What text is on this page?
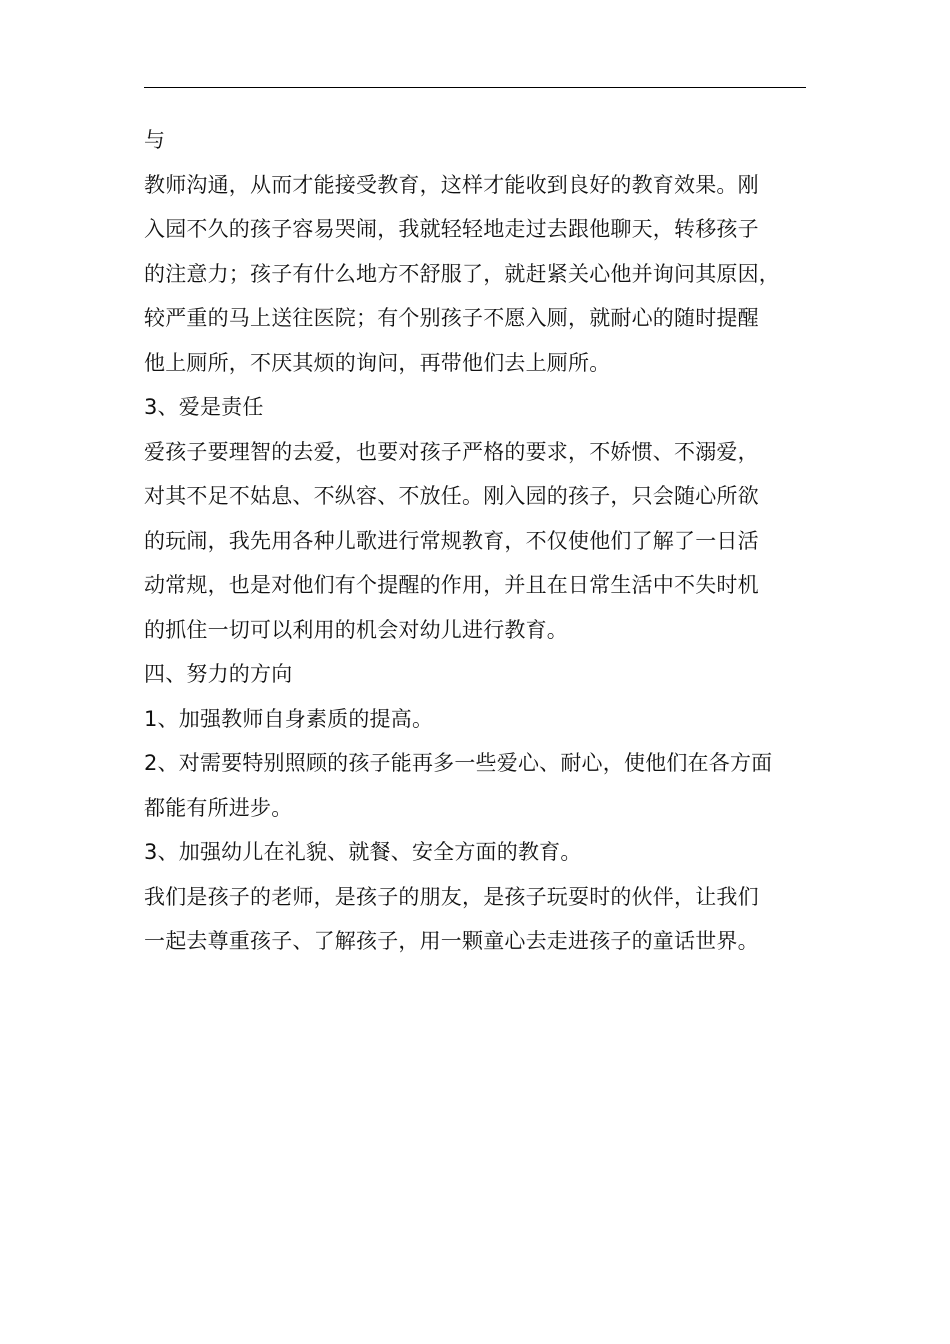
与
教师沟通，从而才能接受教育，这样才能收到良好的教育效果。刚
入园不久的孩子容易哭闹，我就轻轻地走过去跟他聊天，转移孩子
的注意力；孩子有什么地方不舒服了，就赶紧关心他并询问其原因，
较严重的马上送往医院；有个别孩子不愿入厕，就耐心的随时提醒
他上厕所，不厌其烦的询问，再带他们去上厕所。
3、爱是责任
爱孩子要理智的去爱，也要对孩子严格的要求，不娇惯、不溺爱，
对其不足不姑息、不纵容、不放任。刚入园的孩子，只会随心所欲
的玩闹，我先用各种儿歌进行常规教育，不仅使他们了解了一日活
动常规，也是对他们有个提醒的作用，并且在日常生活中不失时机
的抓住一切可以利用的机会对幼儿进行教育。
四、努力的方向
1、加强教师自身素质的提高。
2、对需要特别照顾的孩子能再多一些爱心、耐心，使他们在各方面
都能有所进步。
3、加强幼儿在礼貌、就餐、安全方面的教育。
我们是孩子的老师，是孩子的朋友，是孩子玩耍时的伙伴，让我们
一起去尊重孩子、了解孩子，用一颗童心去走进孩子的童话世界。
